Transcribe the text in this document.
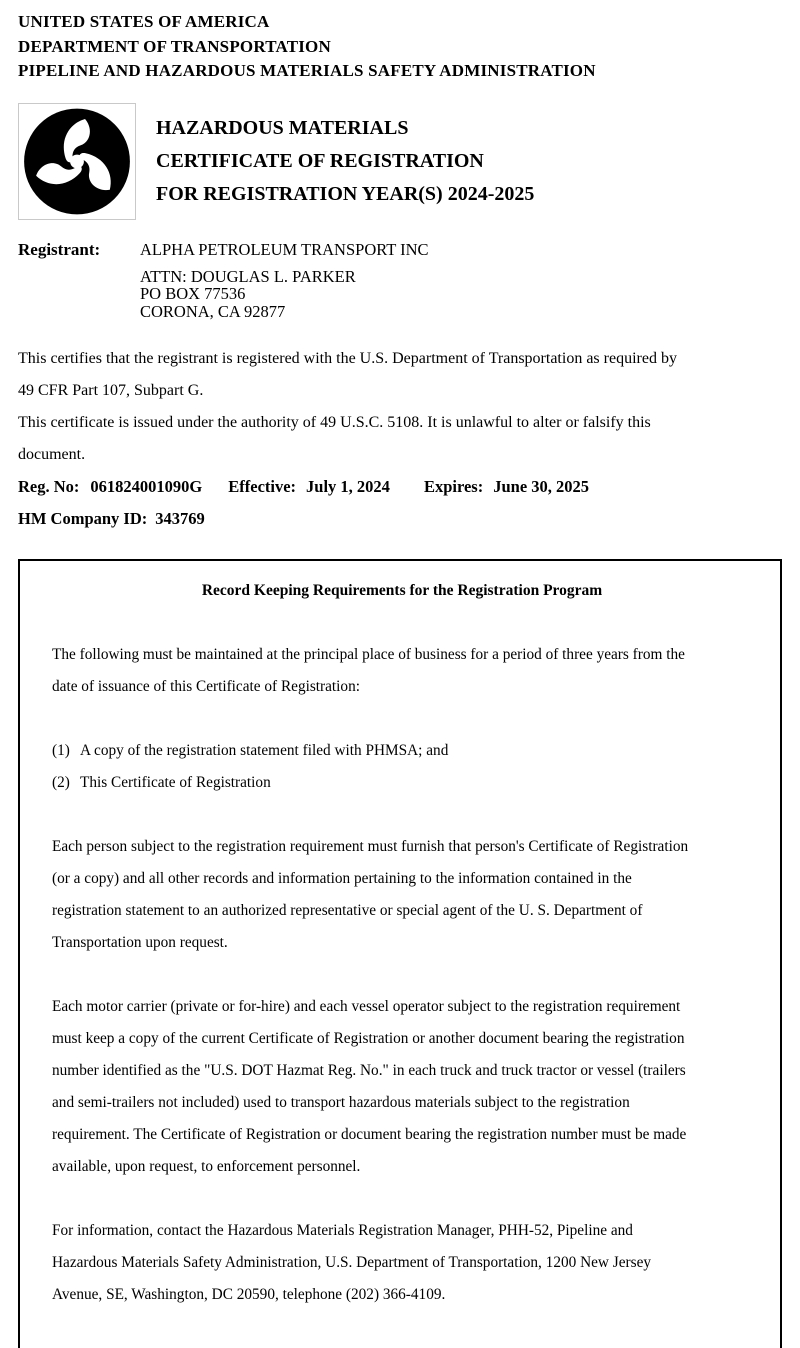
UNITED STATES OF AMERICA
DEPARTMENT OF TRANSPORTATION
PIPELINE AND HAZARDOUS MATERIALS SAFETY ADMINISTRATION
HAZARDOUS MATERIALS
CERTIFICATE OF REGISTRATION
FOR REGISTRATION YEAR(S) 2024-2025
Registrant:	ALPHA PETROLEUM TRANSPORT INC
ATTN: DOUGLAS L. PARKER
PO BOX 77536
CORONA, CA 92877
This certifies that the registrant is registered with the U.S. Department of Transportation as required by
49 CFR Part 107, Subpart G.
This certificate is issued under the authority of 49 U.S.C. 5108. It is unlawful to alter or falsify this
document.
Reg. No: 061824001090G Effective: July 1, 2024 Expires: June 30, 2025
HM Company ID: 343769
Record Keeping Requirements for the Registration Program
The following must be maintained at the principal place of business for a period of three years from the
date of issuance of this Certificate of Registration:
(1) A copy of the registration statement filed with PHMSA; and
(2) This Certificate of Registration
Each person subject to the registration requirement must furnish that person's Certificate of Registration
(or a copy) and all other records and information pertaining to the information contained in the
registration statement to an authorized representative or special agent of the U. S. Department of
Transportation upon request.
Each motor carrier (private or for-hire) and each vessel operator subject to the registration requirement
must keep a copy of the current Certificate of Registration or another document bearing the registration
number identified as the "U.S. DOT Hazmat Reg. No." in each truck and truck tractor or vessel (trailers
and semi-trailers not included) used to transport hazardous materials subject to the registration
requirement. The Certificate of Registration or document bearing the registration number must be made
available, upon request, to enforcement personnel.
For information, contact the Hazardous Materials Registration Manager, PHH-52, Pipeline and
Hazardous Materials Safety Administration, U.S. Department of Transportation, 1200 New Jersey
Avenue, SE, Washington, DC 20590, telephone (202) 366-4109.
